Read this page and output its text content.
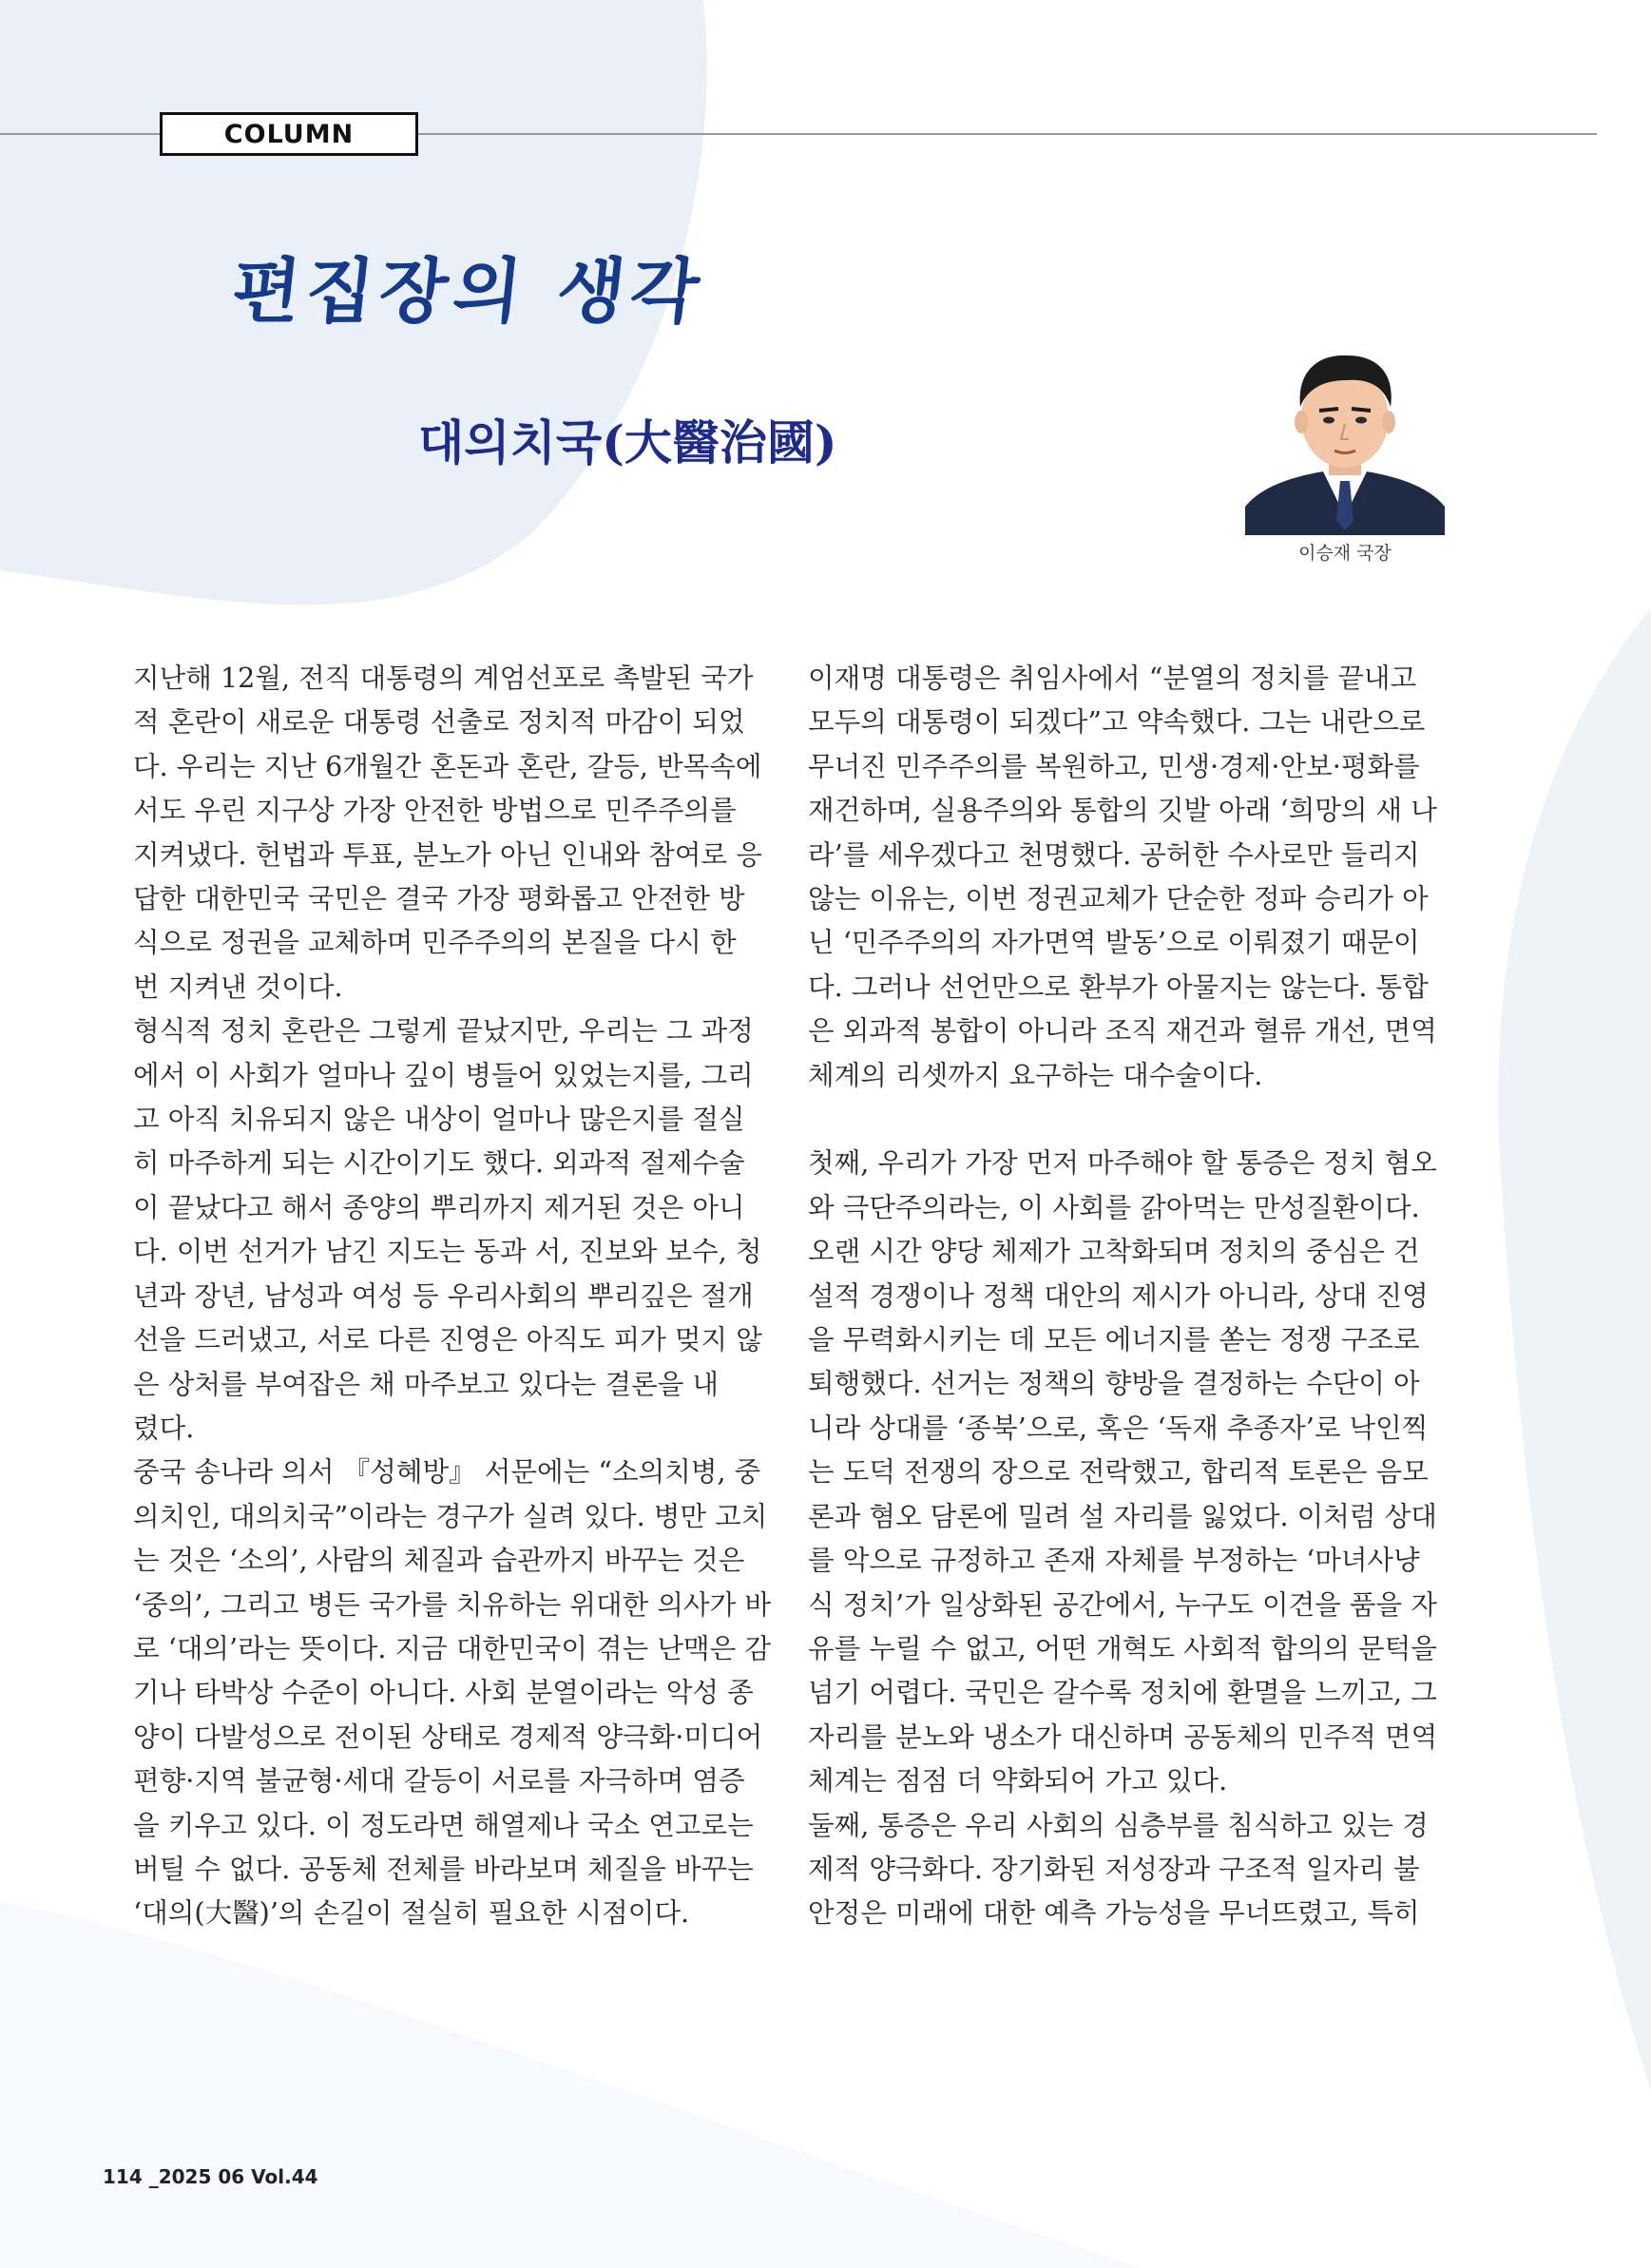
COLUMN
편집장의 생각
대의치국(大醫治國)
이승재 국장

지난해 12월, 전직 대통령의 계엄선포로 촉발된 국가

적 혼란이 새로운 대통령 선출로 정치적 마감이 되었

다. 우리는 지난 6개월간 혼돈과 혼란, 갈등, 반목속에

서도 우린 지구상 가장 안전한 방법으로 민주주의를

지켜냈다. 헌법과 투표, 분노가 아닌 인내와 참여로 응

답한 대한민국 국민은 결국 가장 평화롭고 안전한 방

식으로 정권을 교체하며 민주주의의 본질을 다시 한

번 지켜낸 것이다.

형식적 정치 혼란은 그렇게 끝났지만, 우리는 그 과정

에서 이 사회가 얼마나 깊이 병들어 있었는지를, 그리

고 아직 치유되지 않은 내상이 얼마나 많은지를 절실

히 마주하게 되는 시간이기도 했다. 외과적 절제수술

이 끝났다고 해서 종양의 뿌리까지 제거된 것은 아니

다. 이번 선거가 남긴 지도는 동과 서, 진보와 보수, 청

년과 장년, 남성과 여성 등 우리사회의 뿌리깊은 절개

선을 드러냈고, 서로 다른 진영은 아직도 피가 멎지 않

은 상처를 부여잡은 채 마주보고 있다는 결론을 내

렸다.

중국 송나라 의서 『성혜방』 서문에는 “소의치병, 중

의치인, 대의치국”이라는 경구가 실려 있다. 병만 고치

는 것은 ‘소의’, 사람의 체질과 습관까지 바꾸는 것은

‘중의’, 그리고 병든 국가를 치유하는 위대한 의사가 바

로 ‘대의’라는 뜻이다. 지금 대한민국이 겪는 난맥은 감

기나 타박상 수준이 아니다. 사회 분열이라는 악성 종

양이 다발성으로 전이된 상태로 경제적 양극화·미디어

편향·지역 불균형·세대 갈등이 서로를 자극하며 염증

을 키우고 있다. 이 정도라면 해열제나 국소 연고로는

버틸 수 없다. 공동체 전체를 바라보며 체질을 바꾸는

‘대의(大醫)’의 손길이 절실히 필요한 시점이다.

이재명 대통령은 취임사에서 “분열의 정치를 끝내고

모두의 대통령이 되겠다”고 약속했다. 그는 내란으로

무너진 민주주의를 복원하고, 민생·경제·안보·평화를

재건하며, 실용주의와 통합의 깃발 아래 ‘희망의 새 나

라’를 세우겠다고 천명했다. 공허한 수사로만 들리지

않는 이유는, 이번 정권교체가 단순한 정파 승리가 아

닌 ‘민주주의의 자가면역 발동’으로 이뤄졌기 때문이

다. 그러나 선언만으로 환부가 아물지는 않는다. 통합

은 외과적 봉합이 아니라 조직 재건과 혈류 개선, 면역

체계의 리셋까지 요구하는 대수술이다.

첫째, 우리가 가장 먼저 마주해야 할 통증은 정치 혐오

와 극단주의라는, 이 사회를 갉아먹는 만성질환이다.

오랜 시간 양당 체제가 고착화되며 정치의 중심은 건

설적 경쟁이나 정책 대안의 제시가 아니라, 상대 진영

을 무력화시키는 데 모든 에너지를 쏟는 정쟁 구조로

퇴행했다. 선거는 정책의 향방을 결정하는 수단이 아

니라 상대를 ‘종북’으로, 혹은 ‘독재 추종자’로 낙인찍

는 도덕 전쟁의 장으로 전락했고, 합리적 토론은 음모

론과 혐오 담론에 밀려 설 자리를 잃었다. 이처럼 상대

를 악으로 규정하고 존재 자체를 부정하는 ‘마녀사냥

식 정치’가 일상화된 공간에서, 누구도 이견을 품을 자

유를 누릴 수 없고, 어떤 개혁도 사회적 합의의 문턱을

넘기 어렵다. 국민은 갈수록 정치에 환멸을 느끼고, 그

자리를 분노와 냉소가 대신하며 공동체의 민주적 면역

체계는 점점 더 약화되어 가고 있다.

둘째, 통증은 우리 사회의 심층부를 침식하고 있는 경

제적 양극화다. 장기화된 저성장과 구조적 일자리 불

안정은 미래에 대한 예측 가능성을 무너뜨렸고, 특히

114 _2025 06 Vol.44
